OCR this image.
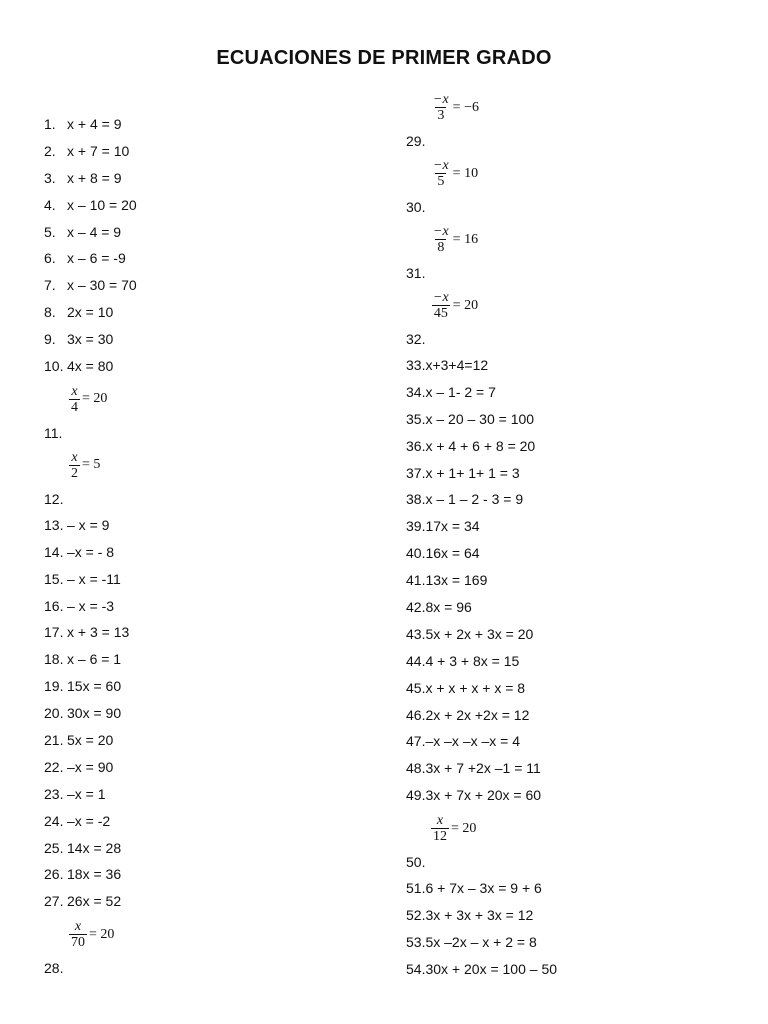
ECUACIONES DE PRIMER GRADO
1. x + 4 = 9
2. x + 7 = 10
3. x + 8 = 9
4. x – 10 = 20
5. x – 4 = 9
6. x – 6 = -9
7. x – 30 = 70
8. 2x = 10
9. 3x = 30
10. 4x = 80
$\frac{x}{4} = 20$
11.
$\frac{x}{2} = 5$
12.
13. – x = 9
14. –x = - 8
15. – x = -11
16. – x = -3
17. x + 3 = 13
18. x – 6 = 1
19. 15x = 60
20. 30x = 90
21. 5x = 20
22. –x = 90
23. –x = 1
24. –x = -2
25. 14x = 28
26. 18x = 36
27. 26x = 52
$\frac{x}{70} = 20$
28.
$\frac{-x}{3} = -6$
29.
$\frac{-x}{5} = 10$
30.
$\frac{-x}{8} = 16$
31.
$\frac{-x}{45} = 20$
32.
33.x+3+4=12
34.x – 1- 2 = 7
35.x – 20 – 30 = 100
36.x + 4 + 6 + 8 = 20
37.x + 1+ 1+ 1 = 3
38.x – 1 – 2 - 3 = 9
39.17x = 34
40.16x = 64
41.13x = 169
42.8x = 96
43.5x + 2x + 3x = 20
44.4 + 3 + 8x = 15
45.x + x + x + x = 8
46.2x + 2x +2x = 12
47.–x –x –x –x = 4
48.3x + 7 +2x –1 = 11
49.3x + 7x + 20x = 60
$\frac{x}{12} = 20$
50.
51.6 + 7x – 3x = 9 + 6
52.3x + 3x + 3x = 12
53.5x –2x – x + 2 = 8
54.30x + 20x = 100 – 50
